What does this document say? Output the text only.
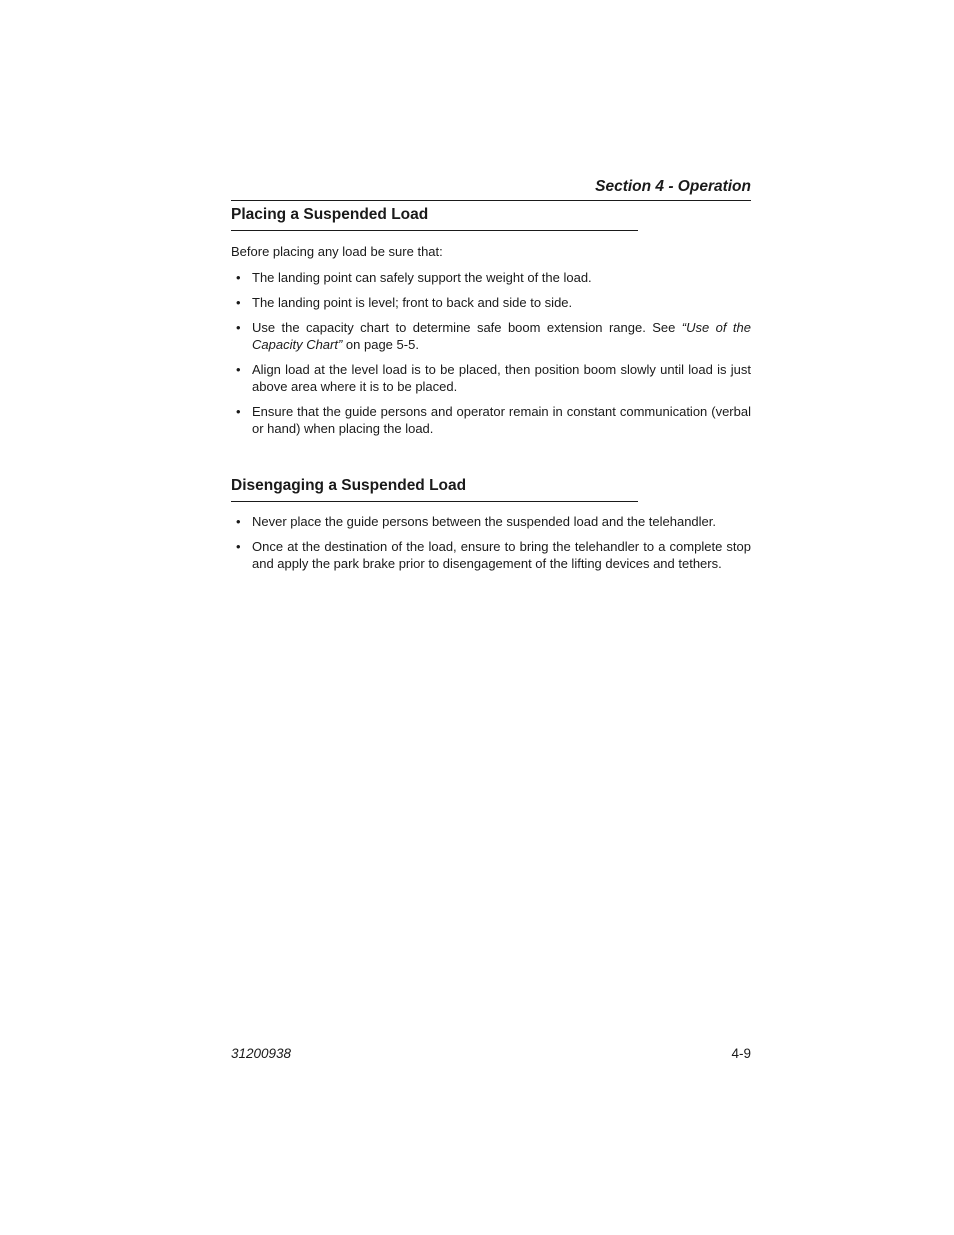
Section 4 - Operation
Placing a Suspended Load
Before placing any load be sure that:
• The landing point can safely support the weight of the load.
• The landing point is level; front to back and side to side.
• Use the capacity chart to determine safe boom extension range. See “Use of the Capacity Chart” on page 5-5.
• Align load at the level load is to be placed, then position boom slowly until load is just above area where it is to be placed.
• Ensure that the guide persons and operator remain in constant communication (verbal or hand) when placing the load.
Disengaging a Suspended Load
• Never place the guide persons between the suspended load and the telehandler.
• Once at the destination of the load, ensure to bring the telehandler to a complete stop and apply the park brake prior to disengagement of the lifting devices and tethers.
31200938	4-9
